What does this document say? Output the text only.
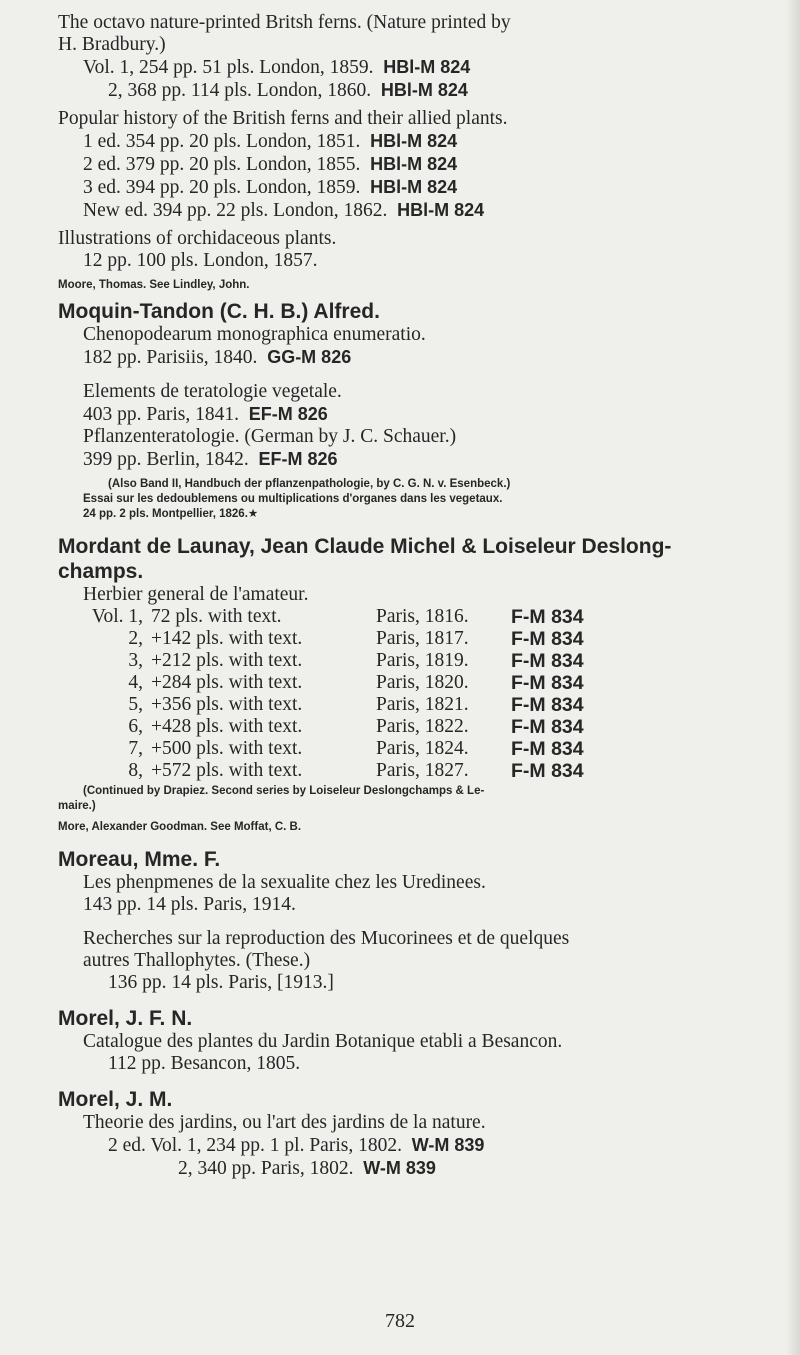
The octavo nature-printed Britsh ferns. (Nature printed by
H. Bradbury.)
Vol. 1, 254 pp. 51 pls. London, 1859. HBl-M 824
2, 368 pp. 114 pls. London, 1860. HBl-M 824
Popular history of the British ferns and their allied plants.
1 ed. 354 pp. 20 pls. London, 1851. HBl-M 824
2 ed. 379 pp. 20 pls. London, 1855. HBl-M 824
3 ed. 394 pp. 20 pls. London, 1859. HBl-M 824
New ed. 394 pp. 22 pls. London, 1862. HBl-M 824
Illustrations of orchidaceous plants.
12 pp. 100 pls. London, 1857.
Moore, Thomas. See Lindley, John.
Moquin-Tandon (C. H. B.) Alfred.
Chenopodearum monographica enumeratio.
182 pp. Parisiis, 1840. GG-M 826
Elements de teratologie vegetale.
403 pp. Paris, 1841. EF-M 826
Pflanzenteratologie. (German by J. C. Schauer.)
399 pp. Berlin, 1842. EF-M 826
(Also Band II, Handbuch der pflanzenpathologie, by C. G. N. v. Esenbeck.)
Essai sur les dedoublemens ou multiplications d'organes dans les vegetaux.
24 pp. 2 pls. Montpellier, 1826.★
Mordant de Launay, Jean Claude Michel & Loiseleur Deslong-
champs.
Herbier general de l'amateur.
Vol. 1,	72 pls. with text.	Paris, 1816.	F-M 834
2,	+142 pls. with text.	Paris, 1817.	F-M 834
3,	+212 pls. with text.	Paris, 1819.	F-M 834
4,	+284 pls. with text.	Paris, 1820.	F-M 834
5,	+356 pls. with text.	Paris, 1821.	F-M 834
6,	+428 pls. with text.	Paris, 1822.	F-M 834
7,	+500 pls. with text.	Paris, 1824.	F-M 834
8,	+572 pls. with text.	Paris, 1827.	F-M 834
(Continued by Drapiez. Second series by Loiseleur Deslongchamps & Le-
maire.)
More, Alexander Goodman. See Moffat, C. B.
Moreau, Mme. F.
Les phenpmenes de la sexualite chez les Uredinees.
143 pp. 14 pls. Paris, 1914.
Recherches sur la reproduction des Mucorinees et de quelques
autres Thallophytes. (These.)
136 pp. 14 pls. Paris, [1913.]
Morel, J. F. N.
Catalogue des plantes du Jardin Botanique etabli a Besancon.
112 pp. Besancon, 1805.
Morel, J. M.
Theorie des jardins, ou l'art des jardins de la nature.
2 ed. Vol. 1, 234 pp. 1 pl. Paris, 1802. W-M 839
2, 340 pp. Paris, 1802. W-M 839
782
